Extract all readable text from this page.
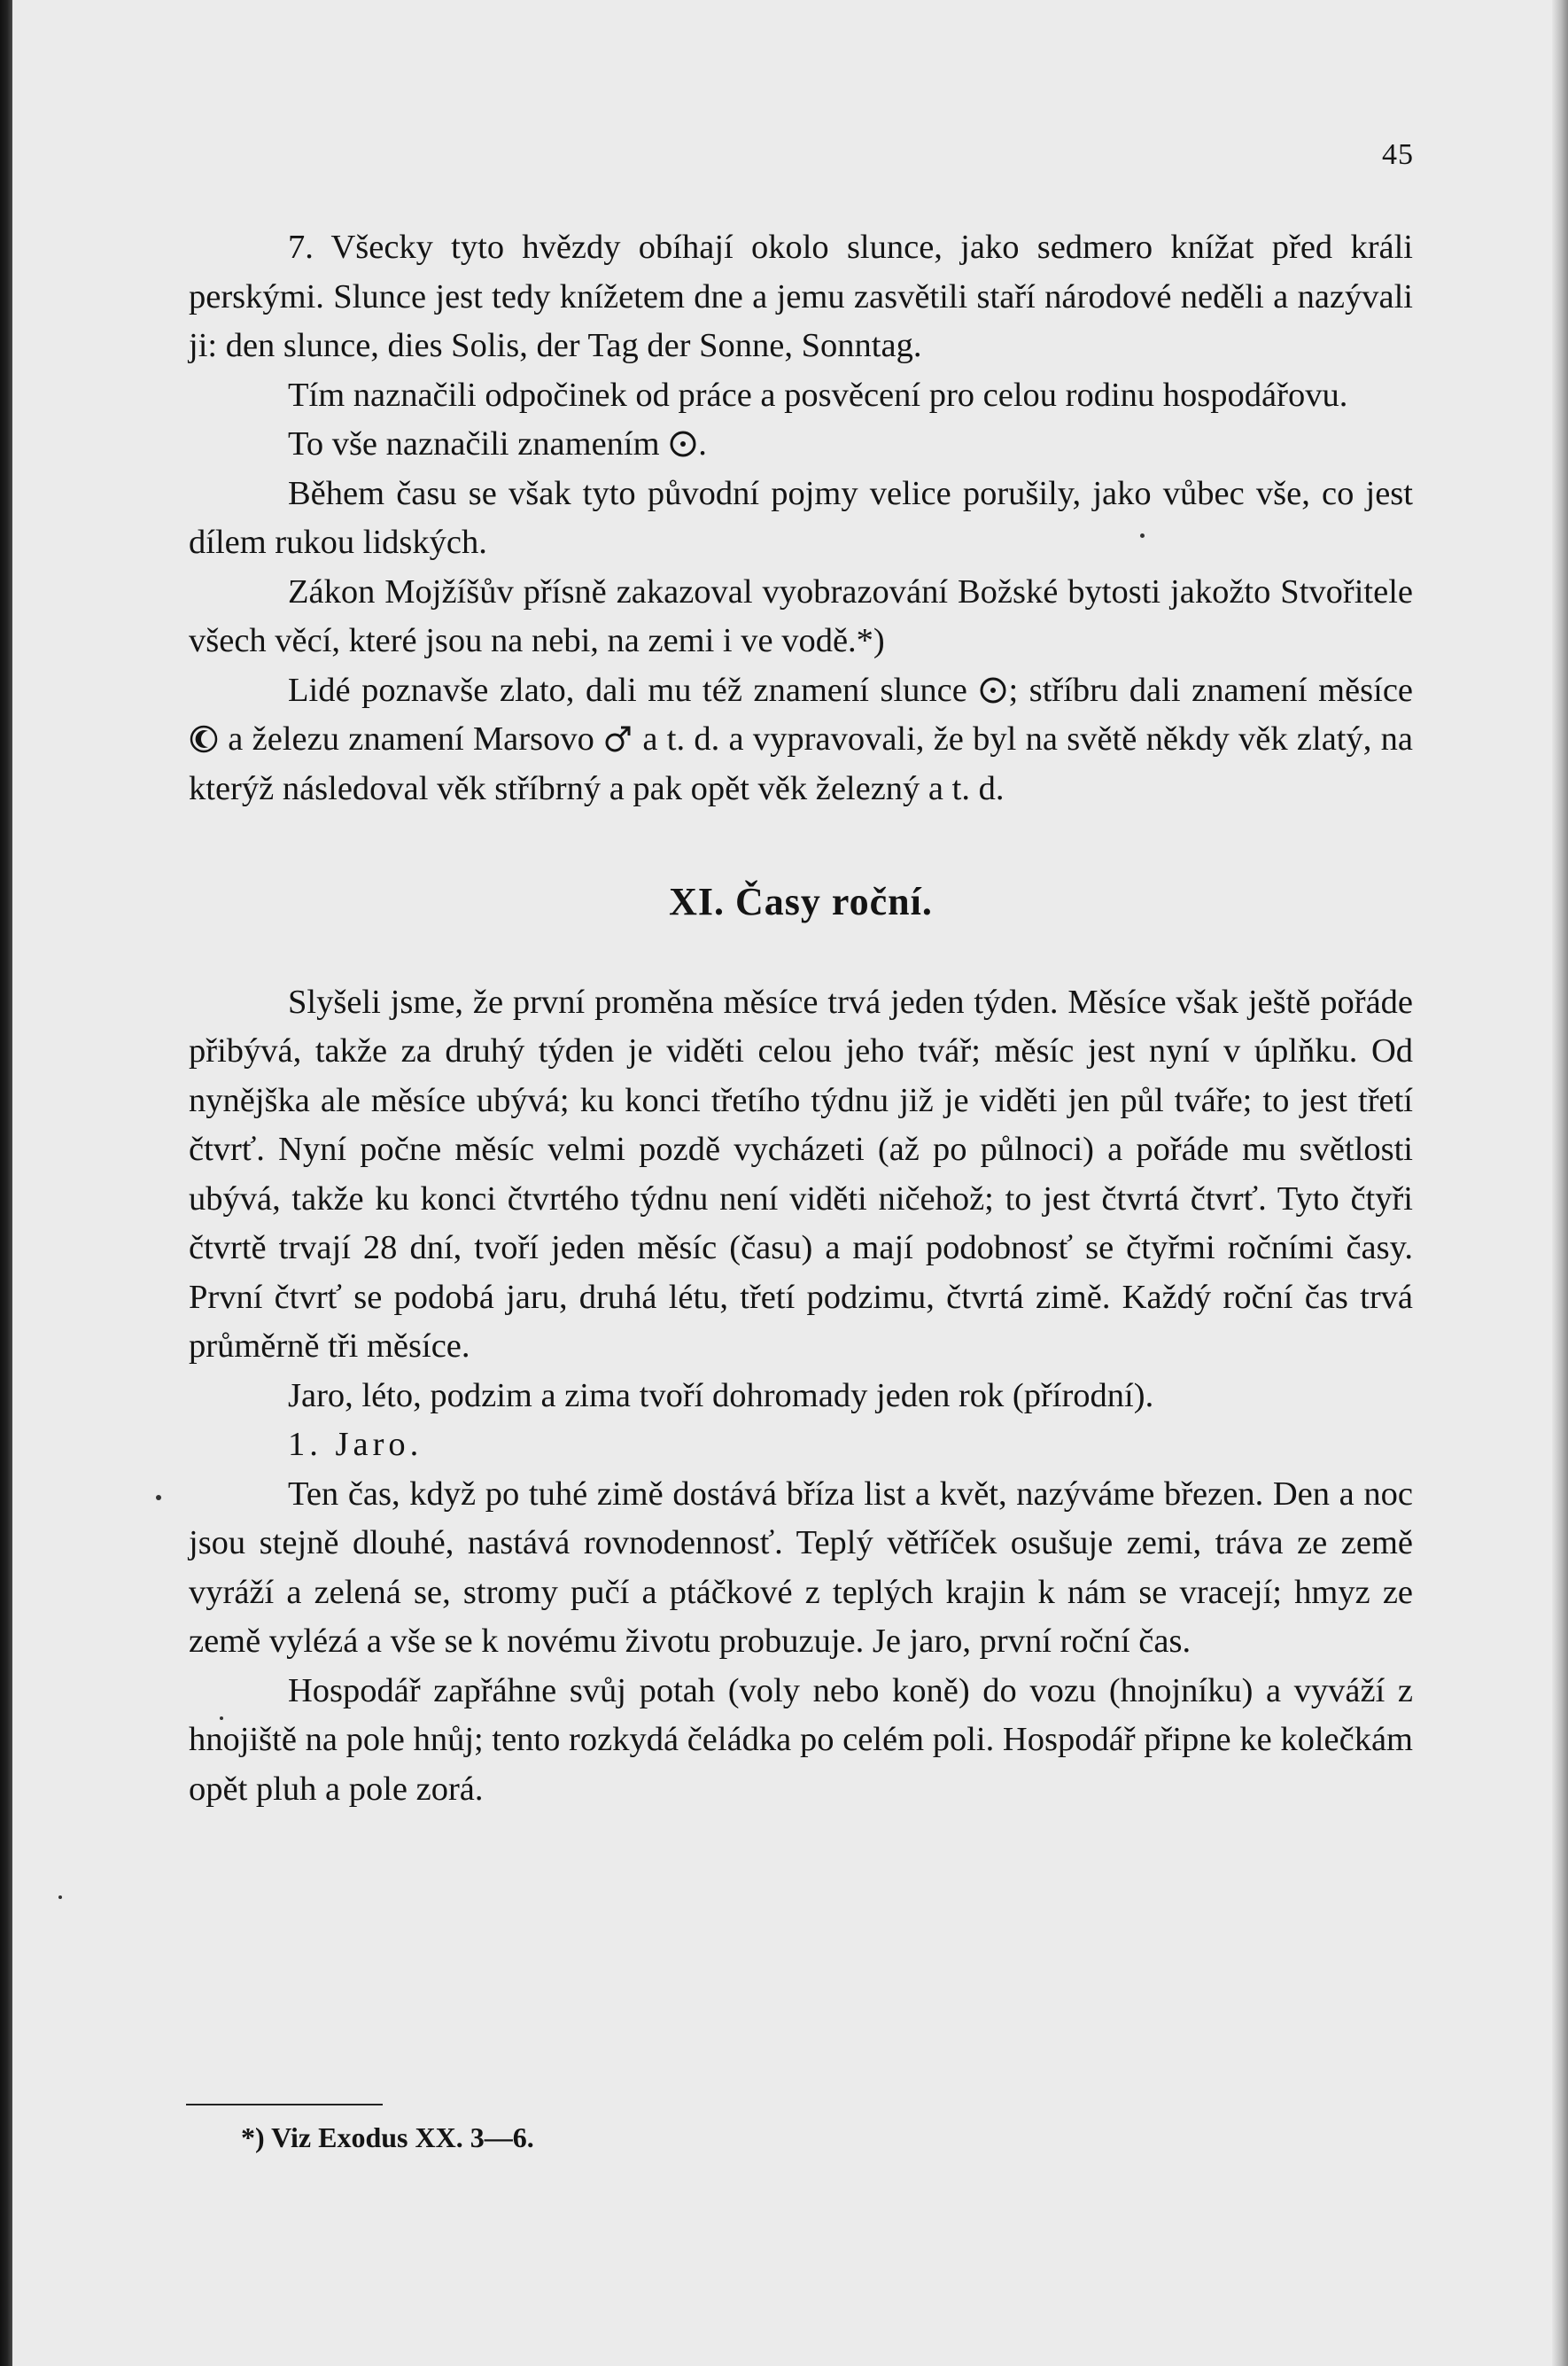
45

7. Všecky tyto hvězdy obíhají okolo slunce, jako sedmero knížat před králi perskými. Slunce jest tedy knížetem dne a jemu zasvětili staří národové neděli a nazývali ji: den slunce, dies Solis, der Tag der Sonne, Sonntag.

Tím naznačili odpočinek od práce a posvěcení pro celou rodinu hospodářovu.

To vše naznačili znamením .

Během času se však tyto původní pojmy velice porušily, jako vůbec vše, co jest dílem rukou lidských.

Zákon Mojžíšův přísně zakazoval vyobrazování Božské bytosti jakožto Stvořitele všech věcí, které jsou na nebi, na zemi i ve vodě.*)

Lidé poznavše zlato, dali mu též znamení slunce ; stříbru dali znamení měsíce  a železu znamení Marsovo  a t. d. a vypravovali, že byl na světě někdy věk zlatý, na kterýž následoval věk stříbrný a pak opět věk železný a t. d.

XI. Časy roční.

Slyšeli jsme, že první proměna měsíce trvá jeden týden. Měsíce však ještě pořáde přibývá, takže za druhý týden je viděti celou jeho tvář; měsíc jest nyní v úplňku. Od nynějška ale měsíce ubývá; ku konci třetího týdnu již je viděti jen půl tváře; to jest třetí čtvrť. Nyní počne měsíc velmi pozdě vycházeti (až po půlnoci) a pořáde mu světlosti ubývá, takže ku konci čtvrtého týdnu není viděti ničehož; to jest čtvrtá čtvrť. Tyto čtyři čtvrtě trvají 28 dní, tvoří jeden měsíc (času) a mají podobnosť se čtyřmi ročními časy. První čtvrť se podobá jaru, druhá létu, třetí podzimu, čtvrtá zimě. Každý roční čas trvá průměrně tři měsíce.

Jaro, léto, podzim a zima tvoří dohromady jeden rok (přírodní).

1. Jaro.

Ten čas, když po tuhé zimě dostává bříza list a květ, nazýváme březen. Den a noc jsou stejně dlouhé, nastává rovnodennosť. Teplý větříček osušuje zemi, tráva ze země vyráží a zelená se, stromy pučí a ptáčkové z teplých krajin k nám se vracejí; hmyz ze země vylézá a vše se k novému životu probuzuje. Je jaro, první roční čas.

Hospodář zapřáhne svůj potah (voly nebo koně) do vozu (hnojníku) a vyváží z hnojiště na pole hnůj; tento rozkydá čeládka po celém poli. Hospodář připne ke kolečkám opět pluh a pole zorá.

*) Viz Exodus XX. 3—6.
